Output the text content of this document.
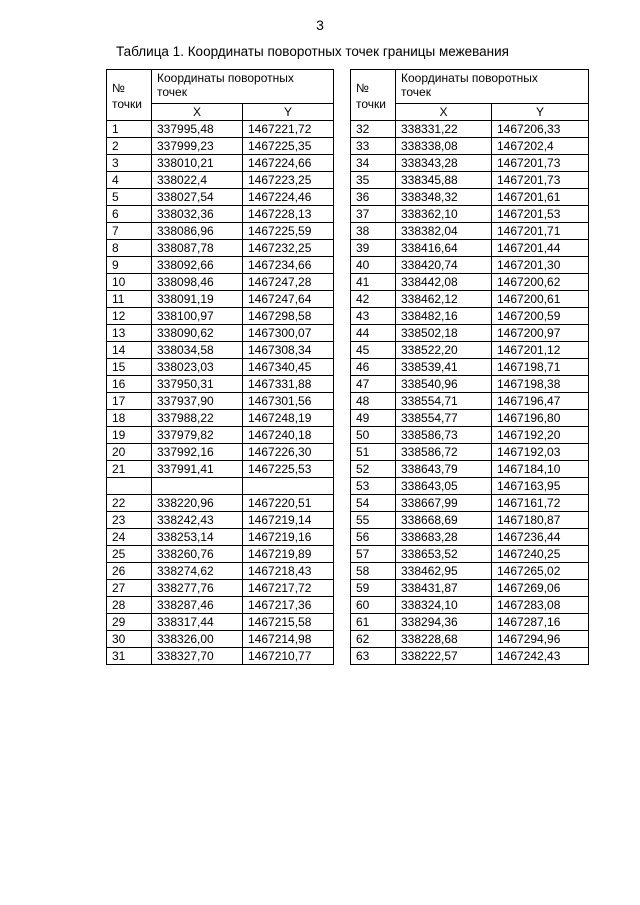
3
Таблица 1. Координаты поворотных точек границы межевания
№
точки	Координаты поворотных точек	
	X	Y
1	337995,48	1467221,72
2	337999,23	1467225,35
3	338010,21	1467224,66
4	338022,4	1467223,25
5	338027,54	1467224,46
6	338032,36	1467228,13
7	338086,96	1467225,59
8	338087,78	1467232,25
9	338092,66	1467234,66
10	338098,46	1467247,28
11	338091,19	1467247,64
12	338100,97	1467298,58
13	338090,62	1467300,07
14	338034,58	1467308,34
15	338023,03	1467340,45
16	337950,31	1467331,88
17	337937,90	1467301,56
18	337988,22	1467248,19
19	337979,82	1467240,18
20	337992,16	1467226,30
21	337991,41	1467225,53

22	338220,96	1467220,51
23	338242,43	1467219,14
24	338253,14	1467219,16
25	338260,76	1467219,89
26	338274,62	1467218,43
27	338277,76	1467217,72
28	338287,46	1467217,36
29	338317,44	1467215,58
30	338326,00	1467214,98
31	338327,70	1467210,77
№
точки	Координаты поворотных точек	
	X	Y
32	338331,22	1467206,33
33	338338,08	1467202,4
34	338343,28	1467201,73
35	338345,88	1467201,73
36	338348,32	1467201,61
37	338362,10	1467201,53
38	338382,04	1467201,71
39	338416,64	1467201,44
40	338420,74	1467201,30
41	338442,08	1467200,62
42	338462,12	1467200,61
43	338482,16	1467200,59
44	338502,18	1467200,97
45	338522,20	1467201,12
46	338539,41	1467198,71
47	338540,96	1467198,38
48	338554,71	1467196,47
49	338554,77	1467196,80
50	338586,73	1467192,20
51	338586,72	1467192,03
52	338643,79	1467184,10
53	338643,05	1467163,95
54	338667,99	1467161,72
55	338668,69	1467180,87
56	338683,28	1467236,44
57	338653,52	1467240,25
58	338462,95	1467265,02
59	338431,87	1467269,06
60	338324,10	1467283,08
61	338294,36	1467287,16
62	338228,68	1467294,96
63	338222,57	1467242,43
